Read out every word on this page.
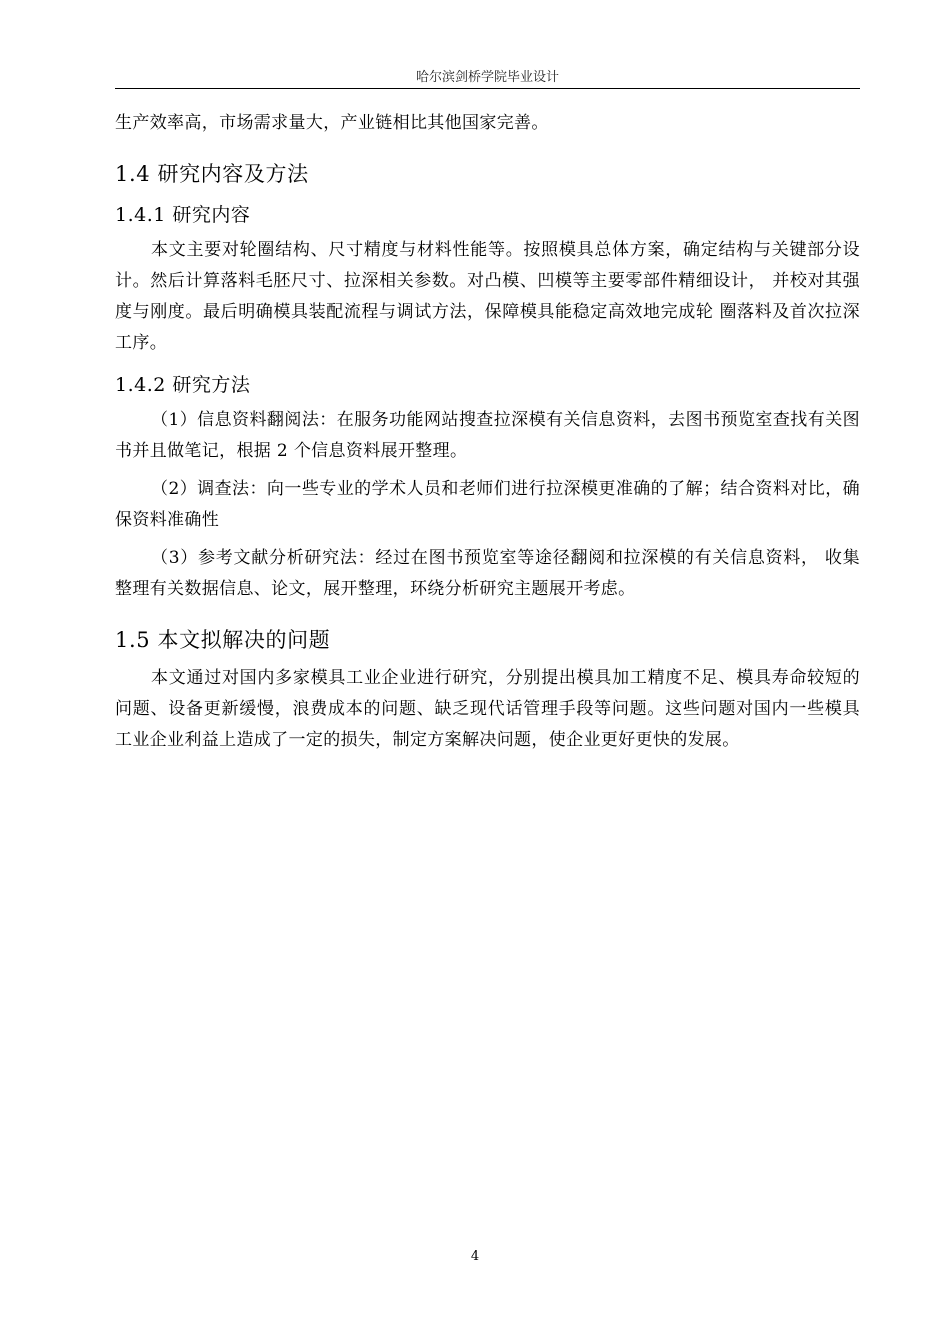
哈尔滨剑桥学院毕业设计

生产效率高，市场需求量大，产业链相比其他国家完善。

1.4 研究内容及方法
1.4.1 研究内容

本文主要对轮圈结构、尺寸精度与材料性能等。按照模具总体方案，确定结构与关键部分设计。然后计算落料毛胚尺寸、拉深相关参数。对凸模、凹模等主要零部件精细设计， 并校对其强度与刚度。最后明确模具装配流程与调试方法，保障模具能稳定高效地完成轮 圈落料及首次拉深工序。

1.4.2 研究方法

（1）信息资料翻阅法：在服务功能网站搜查拉深模有关信息资料，去图书预览室查找有关图书并且做笔记，根据 2 个信息资料展开整理。

（2）调查法：向一些专业的学术人员和老师们进行拉深模更准确的了解；结合资料对比，确保资料准确性

（3）参考文献分析研究法：经过在图书预览室等途径翻阅和拉深模的有关信息资料， 收集整理有关数据信息、论文，展开整理，环绕分析研究主题展开考虑。

1.5 本文拟解决的问题

本文通过对国内多家模具工业企业进行研究，分别提出模具加工精度不足、模具寿命较短的问题、设备更新缓慢，浪费成本的问题、缺乏现代话管理手段等问题。这些问题对国内一些模具工业企业利益上造成了一定的损失，制定方案解决问题，使企业更好更快的发展。

4
